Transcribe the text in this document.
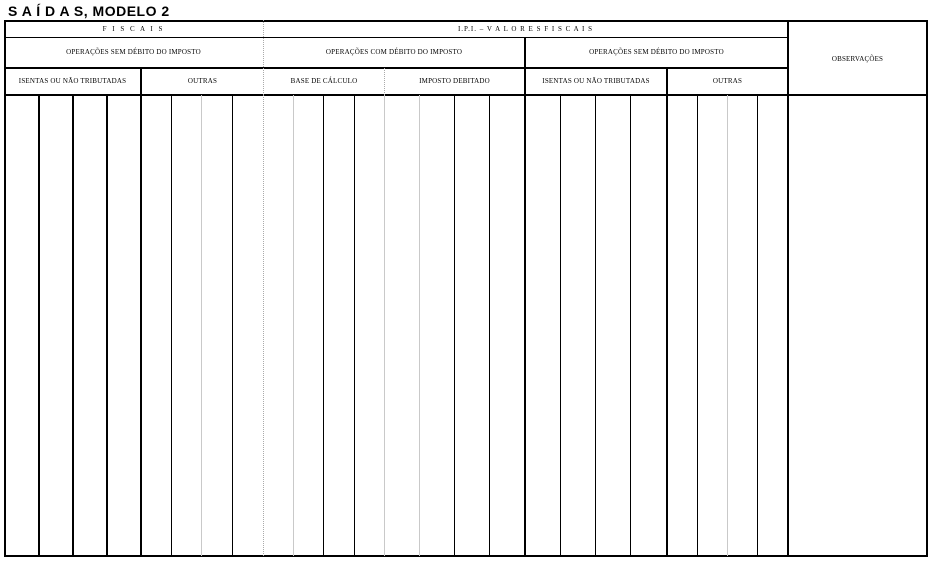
S A Í D A S, MODELO 2
F I S C A I S	I.P.I. – V A L O R E S F I S C A I S
OPERAÇÕES SEM DÉBITO DO IMPOSTO	OPERAÇÕES COM DÉBITO DO IMPOSTO	OPERAÇÕES SEM DÉBITO DO IMPOSTO
OBSERVAÇÕES
ISENTAS OU NÃO TRIBUTADAS	OUTRAS	BASE DE CÁLCULO	IMPOSTO DEBITADO	ISENTAS OU NÃO TRIBUTADAS	OUTRAS
